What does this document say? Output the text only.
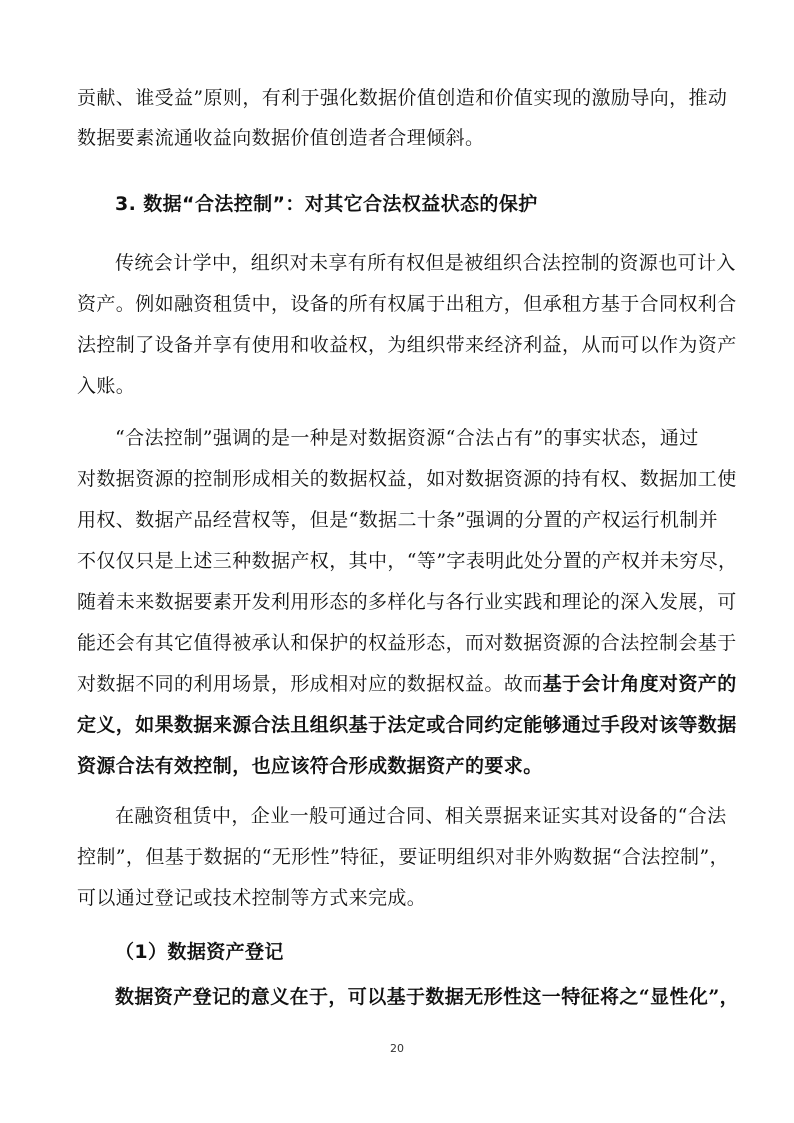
贡献、谁受益”原则，有利于强化数据价值创造和价值实现的激励导向，推动
数据要素流通收益向数据价值创造者合理倾斜。
3. 数据“合法控制”：对其它合法权益状态的保护
传统会计学中，组织对未享有所有权但是被组织合法控制的资源也可计入
资产。例如融资租赁中，设备的所有权属于出租方，但承租方基于合同权利合
法控制了设备并享有使用和收益权，为组织带来经济利益，从而可以作为资产
入账。
“合法控制”强调的是一种是对数据资源“合法占有”的事实状态，通过
对数据资源的控制形成相关的数据权益，如对数据资源的持有权、数据加工使
用权、数据产品经营权等，但是“数据二十条”强调的分置的产权运行机制并
不仅仅只是上述三种数据产权，其中，“等”字表明此处分置的产权并未穷尽，
随着未来数据要素开发利用形态的多样化与各行业实践和理论的深入发展，可
能还会有其它值得被承认和保护的权益形态，而对数据资源的合法控制会基于
对数据不同的利用场景，形成相对应的数据权益。故而基于会计角度对资产的
定义，如果数据来源合法且组织基于法定或合同约定能够通过手段对该等数据
资源合法有效控制，也应该符合形成数据资产的要求。
在融资租赁中，企业一般可通过合同、相关票据来证实其对设备的“合法
控制”，但基于数据的“无形性”特征，要证明组织对非外购数据“合法控制”，
可以通过登记或技术控制等方式来完成。
（1）数据资产登记
数据资产登记的意义在于，可以基于数据无形性这一特征将之“显性化”，
20
